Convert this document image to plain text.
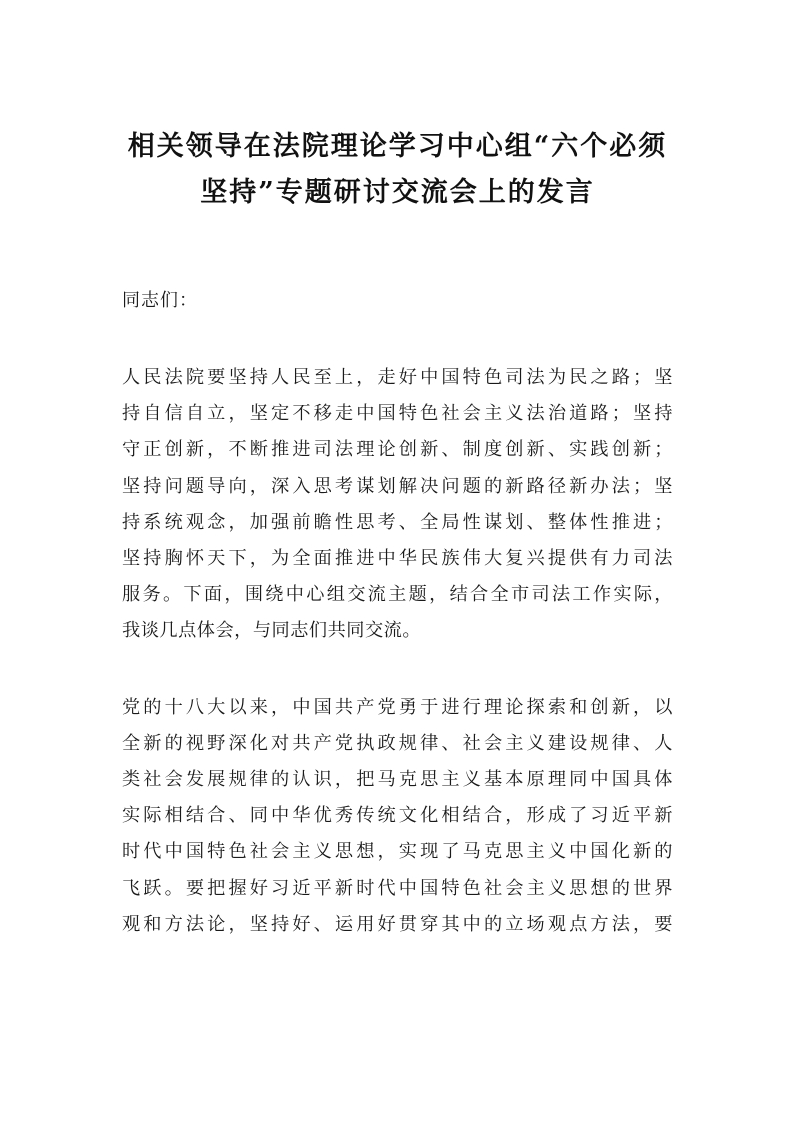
相关领导在法院理论学习中心组“六个必须
坚持”专题研讨交流会上的发言

同志们：

人民法院要坚持人民至上，走好中国特色司法为民之路；坚
持自信自立，坚定不移走中国特色社会主义法治道路；坚持
守正创新，不断推进司法理论创新、制度创新、实践创新；
坚持问题导向，深入思考谋划解决问题的新路径新办法；坚
持系统观念，加强前瞻性思考、全局性谋划、整体性推进；
坚持胸怀天下，为全面推进中华民族伟大复兴提供有力司法
服务。下面，围绕中心组交流主题，结合全市司法工作实际，
我谈几点体会，与同志们共同交流。

党的十八大以来，中国共产党勇于进行理论探索和创新，以
全新的视野深化对共产党执政规律、社会主义建设规律、人
类社会发展规律的认识，把马克思主义基本原理同中国具体
实际相结合、同中华优秀传统文化相结合，形成了习近平新
时代中国特色社会主义思想，实现了马克思主义中国化新的
飞跃。要把握好习近平新时代中国特色社会主义思想的世界
观和方法论，坚持好、运用好贯穿其中的立场观点方法，要
